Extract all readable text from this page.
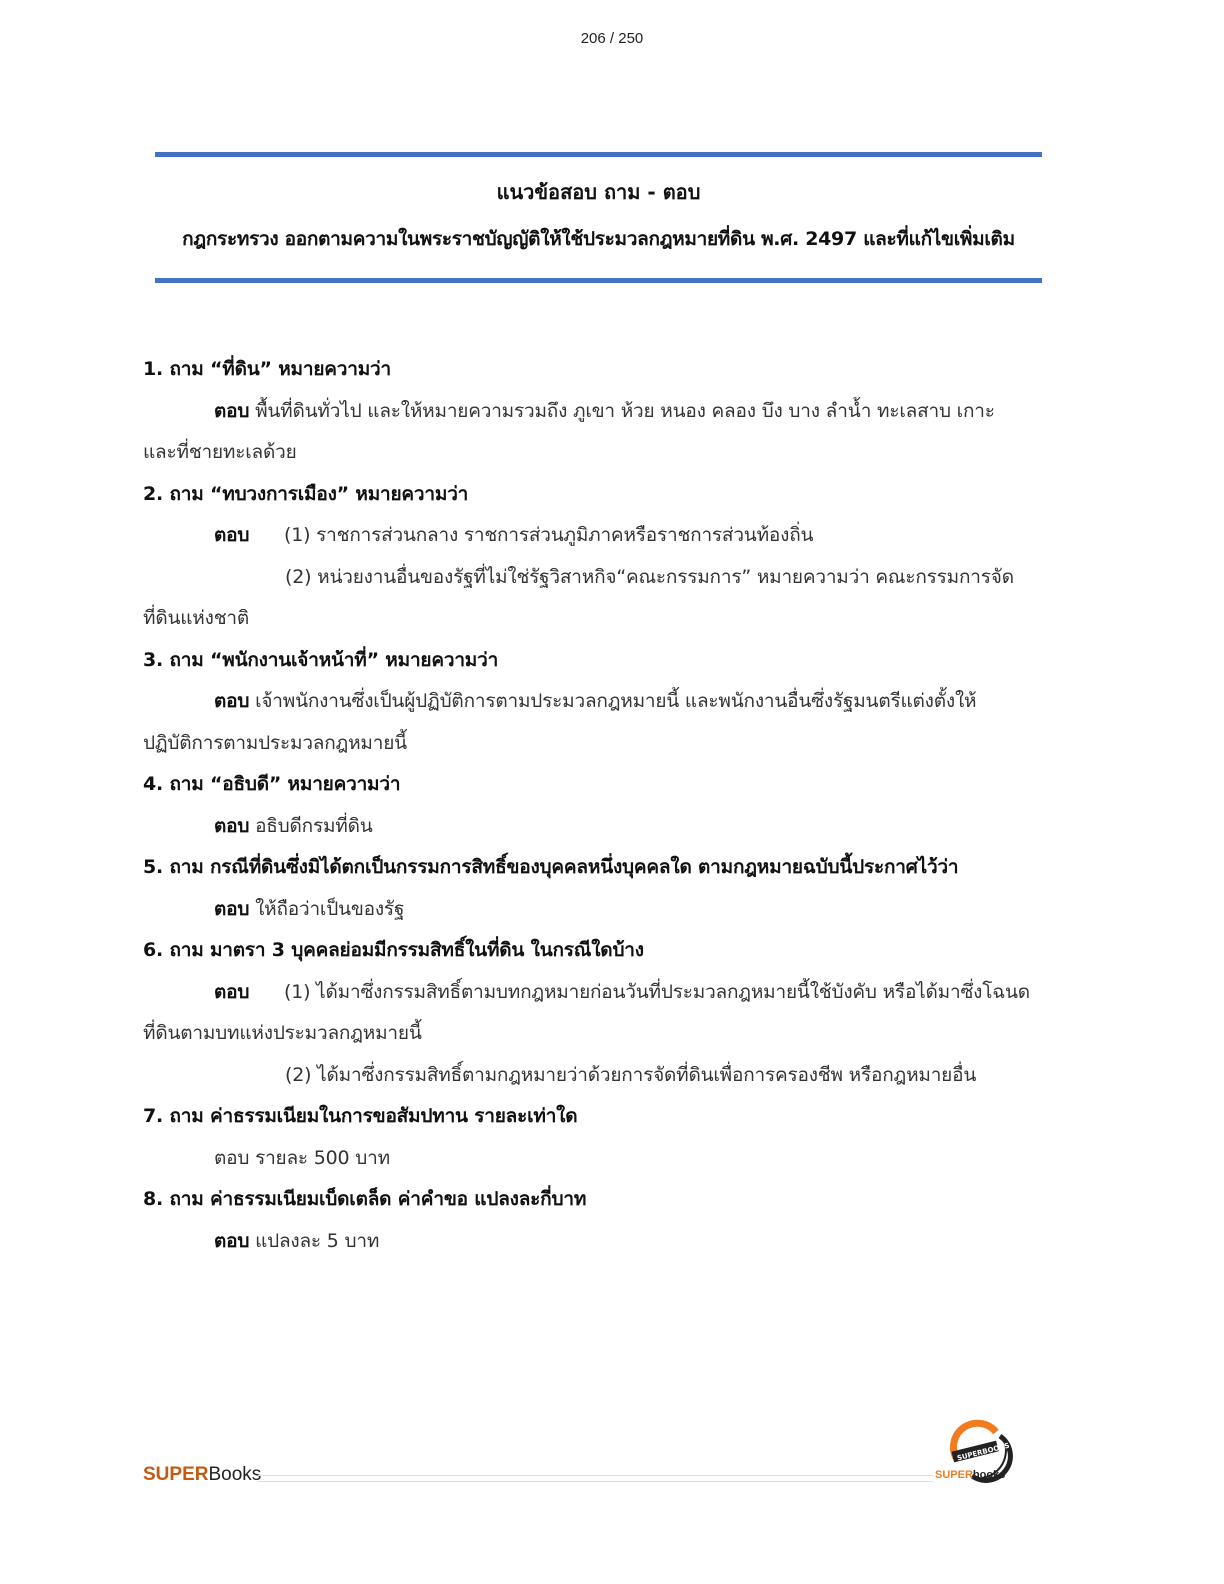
206 / 250
แนวข้อสอบ ถาม - ตอบ
กฎกระทรวง ออกตามความในพระราชบัญญัติให้ใช้ประมวลกฎหมายที่ดิน พ.ศ. 2497 และที่แก้ไขเพิ่มเติม
1. ถาม “ที่ดิน” หมายความว่า
ตอบ พื้นที่ดินทั่วไป และให้หมายความรวมถึง ภูเขา ห้วย หนอง คลอง บึง บาง ลำน้ำ ทะเลสาบ เกาะ
และที่ชายทะเลด้วย
2. ถาม “ทบวงการเมือง” หมายความว่า
ตอบ (1) ราชการส่วนกลาง ราชการส่วนภูมิภาคหรือราชการส่วนท้องถิ่น
(2) หน่วยงานอื่นของรัฐที่ไม่ใช่รัฐวิสาหกิจ“คณะกรรมการ” หมายความว่า คณะกรรมการจัด
ที่ดินแห่งชาติ
3. ถาม “พนักงานเจ้าหน้าที่” หมายความว่า
ตอบ เจ้าพนักงานซึ่งเป็นผู้ปฏิบัติการตามประมวลกฎหมายนี้ และพนักงานอื่นซึ่งรัฐมนตรีแต่งตั้งให้
ปฏิบัติการตามประมวลกฎหมายนี้
4. ถาม “อธิบดี” หมายความว่า
ตอบ อธิบดีกรมที่ดิน
5. ถาม กรณีที่ดินซึ่งมิได้ตกเป็นกรรมการสิทธิ์ของบุคคลหนึ่งบุคคลใด ตามกฎหมายฉบับนี้ประกาศไว้ว่า
ตอบ ให้ถือว่าเป็นของรัฐ
6. ถาม มาตรา 3 บุคคลย่อมมีกรรมสิทธิ์ในที่ดิน ในกรณีใดบ้าง
ตอบ (1) ได้มาซึ่งกรรมสิทธิ์ตามบทกฎหมายก่อนวันที่ประมวลกฎหมายนี้ใช้บังคับ หรือได้มาซึ่งโฉนด
ที่ดินตามบทแห่งประมวลกฎหมายนี้
(2) ได้มาซึ่งกรรมสิทธิ์ตามกฎหมายว่าด้วยการจัดที่ดินเพื่อการครองชีพ หรือกฎหมายอื่น
7. ถาม ค่าธรรมเนียมในการขอสัมปทาน รายละเท่าใด
ตอบ รายละ 500 บาท
8. ถาม ค่าธรรมเนียมเบ็ดเตล็ด ค่าคำขอ แปลงละกี่บาท
ตอบ แปลงละ 5 บาท
SUPERBooks
SUPERBOOKS
SUPERbooks
